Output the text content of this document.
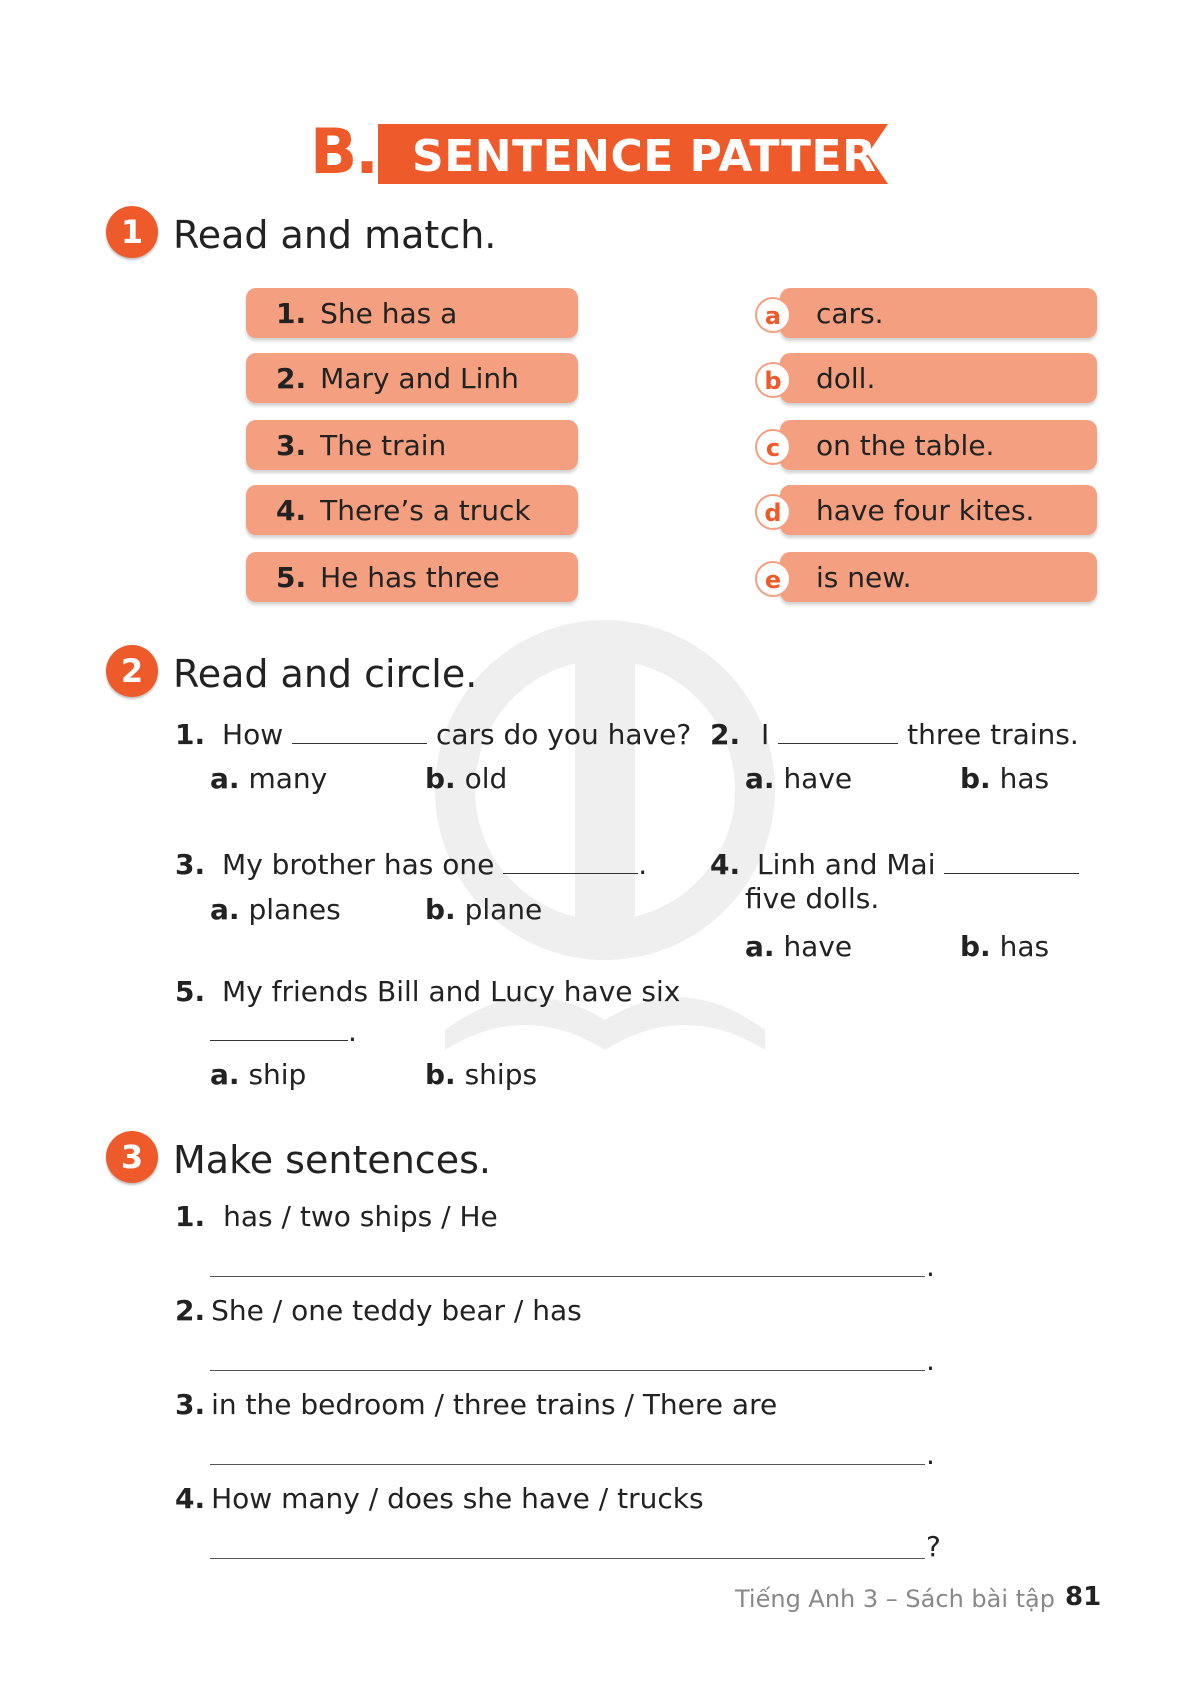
B. SENTENCE PATTERNS
1 Read and match.
1. She has a
2. Mary and Linh
3. The train
4. There’s a truck
5. He has three
cars.
a
doll.
b
on the table.
c
have four kites.
d
is new.
e
2 Read and circle.
1. How	cars do you have?
a. many	b. old
2. I	three trains.
a. have	b. has
3. My brother has one	.
a. planes	b. plane
4. Linh and Mai
five dolls.
a. have	b. has
5. My friends Bill and Lucy have six
.
a. ship	b. ships
3 Make sentences.
1. has / two ships / He
.
2. She / one teddy bear / has
.
3. in the bedroom / three trains / There are
.
4. How many / does she have / trucks
?
Tiếng Anh 3 – Sách bài tập 81
